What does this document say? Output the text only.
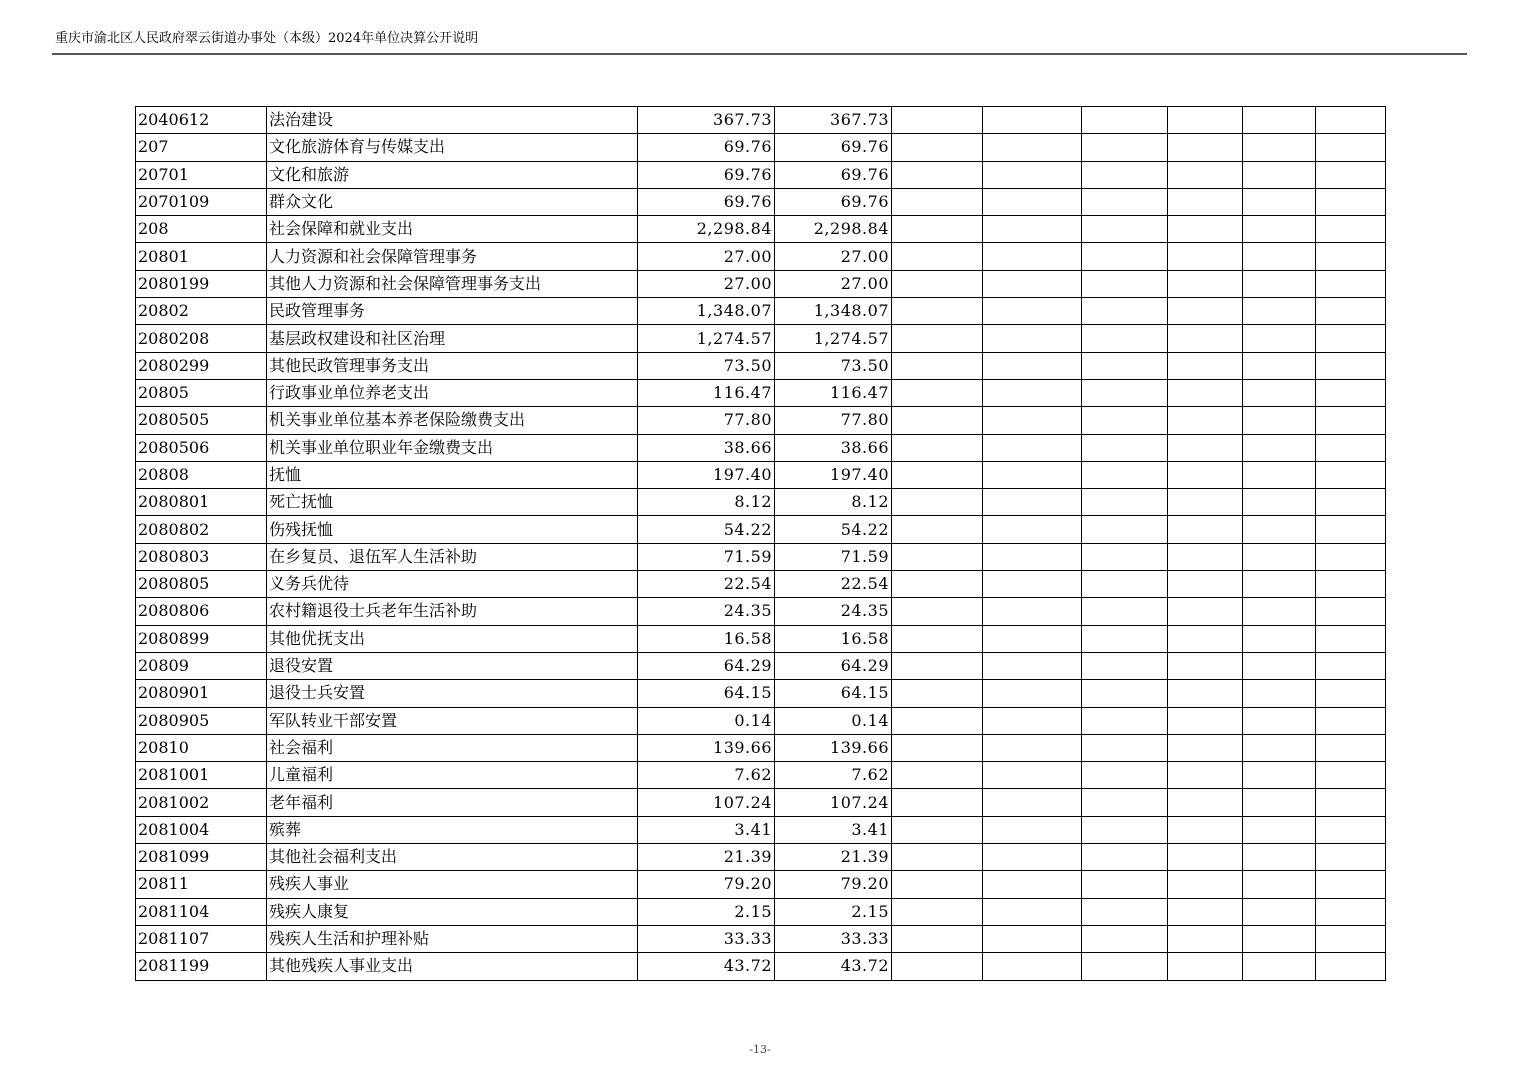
重庆市渝北区人民政府翠云街道办事处（本级）2024年单位决算公开说明
2040612	法治建设	367.73	367.73						
207	文化旅游体育与传媒支出	69.76	69.76						
20701	文化和旅游	69.76	69.76						
2070109	群众文化	69.76	69.76						
208	社会保障和就业支出	2,298.84	2,298.84						
20801	人力资源和社会保障管理事务	27.00	27.00						
2080199	其他人力资源和社会保障管理事务支出	27.00	27.00						
20802	民政管理事务	1,348.07	1,348.07						
2080208	基层政权建设和社区治理	1,274.57	1,274.57						
2080299	其他民政管理事务支出	73.50	73.50						
20805	行政事业单位养老支出	116.47	116.47						
2080505	机关事业单位基本养老保险缴费支出	77.80	77.80						
2080506	机关事业单位职业年金缴费支出	38.66	38.66						
20808	抚恤	197.40	197.40						
2080801	死亡抚恤	8.12	8.12						
2080802	伤残抚恤	54.22	54.22						
2080803	在乡复员、退伍军人生活补助	71.59	71.59						
2080805	义务兵优待	22.54	22.54						
2080806	农村籍退役士兵老年生活补助	24.35	24.35						
2080899	其他优抚支出	16.58	16.58						
20809	退役安置	64.29	64.29						
2080901	退役士兵安置	64.15	64.15						
2080905	军队转业干部安置	0.14	0.14						
20810	社会福利	139.66	139.66						
2081001	儿童福利	7.62	7.62						
2081002	老年福利	107.24	107.24						
2081004	殡葬	3.41	3.41						
2081099	其他社会福利支出	21.39	21.39						
20811	残疾人事业	79.20	79.20						
2081104	残疾人康复	2.15	2.15						
2081107	残疾人生活和护理补贴	33.33	33.33						
2081199	其他残疾人事业支出	43.72	43.72						
-13-
